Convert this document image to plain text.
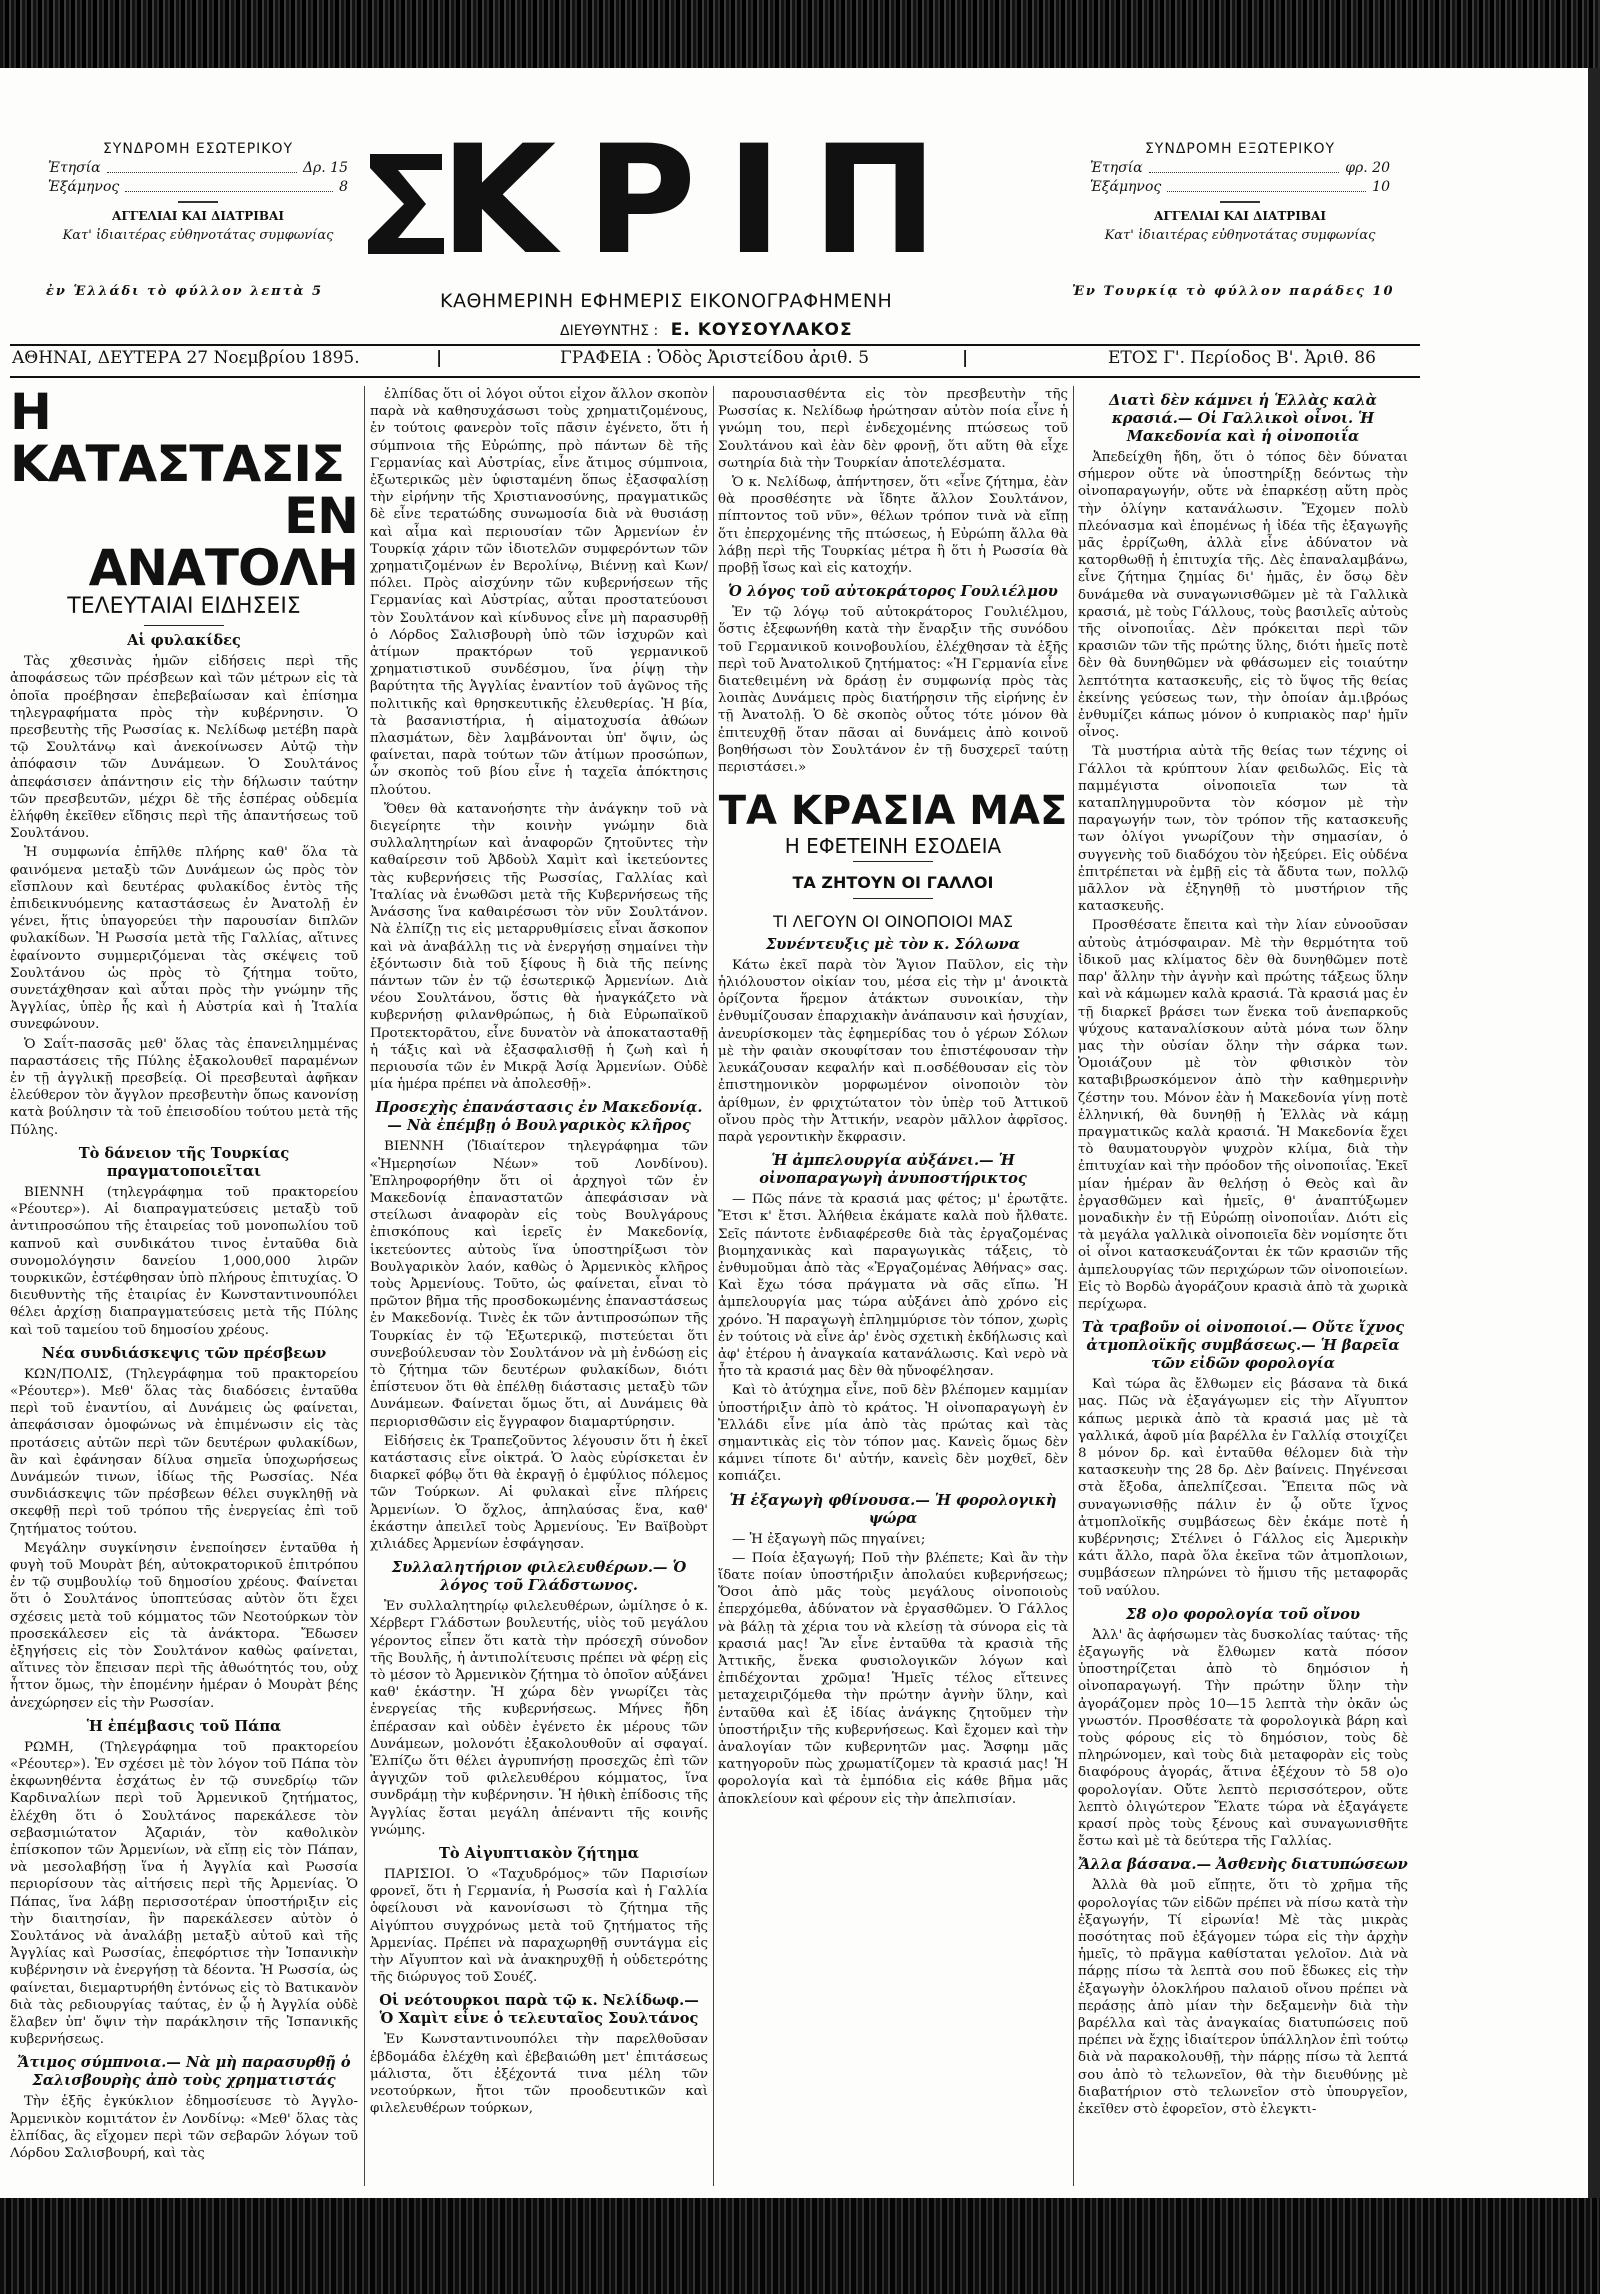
ΣΥΝΔΡΟΜΗ ΕΣΩΤΕΡΙΚΟΥ
Ἐτησία	Δρ. 15
Ἑξάμηνος	8
ΑΓΓΕΛΙΑΙ ΚΑΙ ΔΙΑΤΡΙΒΑΙ
Κατ' ἰδιαιτέρας εὐθηνοτάτας συμφωνίας
ἐν Ἑλλάδι τὸ φύλλον λεπτὰ 5
ΚΡΙΠ
ΚΑΘΗΜΕΡΙΝΗ ΕΦΗΜΕΡΙΣ ΕΙΚΟΝΟΓΡΑΦΗΜΕΝΗ
ΔΙΕΥΘΥΝΤΗΣ : Ε. ΚΟΥΣΟΥΛΑΚΟΣ
ΣΥΝΔΡΟΜΗ ΕΞΩΤΕΡΙΚΟΥ
Ἐτησία	φρ. 20
Ἑξάμηνος	10
ΑΓΓΕΛΙΑΙ ΚΑΙ ΔΙΑΤΡΙΒΑΙ
Κατ' ἰδιαιτέρας εὐθηνοτάτας συμφωνίας
Ἐν Τουρκίᾳ τὸ φύλλον παράδες 10
ΑΘΗΝΑΙ, ΔΕΥΤΕΡΑ 27 Νοεμβρίου 1895.	|	ΓΡΑΦΕΙΑ : Ὁδὸς Ἀριστείδου ἀριθ. 5	|	ΕΤΟΣ Γ'. Περίοδος Β'. Ἀριθ. 86
Η ΚΑΤΑΣΤΑΣΙΣ
ΕΝ ΑΝΑΤΟΛΗ
ΤΕΛΕΥΤΑΙΑΙ ΕΙΔΗΣΕΙΣ
Αἱ φυλακίδες

Τὰς χθεσινὰς ἡμῶν εἰδήσεις περὶ τῆς ἀποφάσεως τῶν πρέσβεων καὶ τῶν μέτρων εἰς τὰ ὁποῖα προέβησαν ἐπεβεβαίωσαν καὶ ἐπίσημα τηλεγραφήματα πρὸς τὴν κυβέρνησιν. Ὁ πρεσβευτὴς τῆς Ρωσσίας κ. Νελίδωφ μετέβη παρὰ τῷ Σουλτάνῳ καὶ ἀνεκοίνωσεν Αὐτῷ τὴν ἀπόφασιν τῶν Δυνάμεων. Ὁ Σουλτάνος ἀπεφάσισεν ἀπάντησιν εἰς τὴν δήλωσιν ταύτην τῶν πρεσβευτῶν, μέχρι δὲ τῆς ἑσπέρας οὐδεμία ἐλήφθη ἐκεῖθεν εἴδησις περὶ τῆς ἀπαντήσεως τοῦ Σουλτάνου.

Ἡ συμφωνία ἐπῆλθε πλήρης καθ' ὅλα τὰ φαινόμενα μεταξὺ τῶν Δυνάμεων ὡς πρὸς τὸν εἴσπλουν καὶ δευτέρας φυλακίδος ἐντὸς τῆς ἐπιδεικνυόμενης καταστάσεως ἐν Ἀνατολῇ ἐν γένει, ἥτις ὑπαγορεύει τὴν παρουσίαν διπλῶν φυλακίδων. Ἡ Ρωσσία μετὰ τῆς Γαλλίας, αἵτινες ἐφαίνοντο συμμεριζόμεναι τὰς σκέψεις τοῦ Σουλτάνου ὡς πρὸς τὸ ζήτημα τοῦτο, συνετάχθησαν καὶ αὗται πρὸς τὴν γνώμην τῆς Ἀγγλίας, ὑπὲρ ἧς καὶ ἡ Αὐστρία καὶ ἡ Ἰταλία συνεφώνουν.

Ὁ Σαΐτ-πασσᾶς μεθ' ὅλας τὰς ἐπανειλημμένας παραστάσεις τῆς Πύλης ἐξακολουθεῖ παραμένων ἐν τῇ ἀγγλικῇ πρεσβείᾳ. Οἱ πρεσβευταὶ ἀφῆκαν ἐλεύθερον τὸν ἄγγλον πρεσβευτὴν ὅπως κανονίσῃ κατὰ βούλησιν τὰ τοῦ ἐπεισοδίου τούτου μετὰ τῆς Πύλης.

Τὸ δάνειον τῆς Τουρκίας πραγματοποιεῖται

ΒΙΕΝΝΗ (τηλεγράφημα τοῦ πρακτορείου «Ρέουτερ»). Αἱ διαπραγματεύσεις μεταξὺ τοῦ ἀντιπροσώπου τῆς ἑταιρείας τοῦ μονοπωλίου τοῦ καπνοῦ καὶ συνδικάτου τινος ἐνταῦθα διὰ συνομολόγησιν δανείου 1,000,000 λιρῶν τουρκικῶν, ἐστέφθησαν ὑπὸ πλήρους ἐπιτυχίας. Ὁ διευθυντὴς τῆς ἑταιρίας ἐν Κωνσταντινουπόλει θέλει ἀρχίσῃ διαπραγματεύσεις μετὰ τῆς Πύλης καὶ τοῦ ταμείου τοῦ δημοσίου χρέους.

Νέα συνδιάσκεψις τῶν πρέσβεων

ΚΩΝ/ΠΟΛΙΣ, (Τηλεγράφημα τοῦ πρακτορείου «Ρέουτερ»). Μεθ' ὅλας τὰς διαδόσεις ἐνταῦθα περὶ τοῦ ἐναντίου, αἱ Δυνάμεις ὡς φαίνεται, ἀπεφάσισαν ὁμοφώνως νὰ ἐπιμένωσιν εἰς τὰς προτάσεις αὐτῶν περὶ τῶν δευτέρων φυλακίδων, ἂν καὶ ἐφάνησαν δίλυα σημεῖα ὑποχωρήσεως Δυνάμεών τινων, ἰδίως τῆς Ρωσσίας. Νέα συνδιάσκεψις τῶν πρέσβεων θέλει συγκληθῇ νὰ σκεφθῇ περὶ τοῦ τρόπου τῆς ἐνεργείας ἐπὶ τοῦ ζητήματος τούτου.

Μεγάλην συγκίνησιν ἐνεποίησεν ἐνταῦθα ἡ φυγὴ τοῦ Μουρὰτ βέη, αὐτοκρατορικοῦ ἐπιτρόπου ἐν τῷ συμβουλίῳ τοῦ δημοσίου χρέους. Φαίνεται ὅτι ὁ Σουλτάνος ὑποπτεύσας αὐτὸν ὅτι ἔχει σχέσεις μετὰ τοῦ κόμματος τῶν Νεοτούρκων τὸν προσεκάλεσεν εἰς τὰ ἀνάκτορα. Ἔδωσεν ἐξηγήσεις εἰς τὸν Σουλτάνον καθὼς φαίνεται, αἵτινες τὸν ἔπεισαν περὶ τῆς ἀθωότητός του, οὐχ ἧττον ὅμως, τὴν ἐπομένην ἡμέραν ὁ Μουρὰτ βέης ἀνεχώρησεν εἰς τὴν Ρωσσίαν.

Ἡ ἐπέμβασις τοῦ Πάπα

ΡΩΜΗ, (Τηλεγράφημα τοῦ πρακτορείου «Ρέουτερ»). Ἐν σχέσει μὲ τὸν λόγον τοῦ Πάπα τὸν ἐκφωνηθέντα ἐσχάτως ἐν τῷ συνεδρίῳ τῶν Καρδιναλίων περὶ τοῦ Ἀρμενικοῦ ζητήματος, ἐλέχθη ὅτι ὁ Σουλτάνος παρεκάλεσε τὸν σεβασμιώτατον Ἀζαριάν, τὸν καθολικὸν ἐπίσκοπον τῶν Ἀρμενίων, νὰ εἴπῃ εἰς τὸν Πάπαν, νὰ μεσολαβήσῃ ἵνα ἡ Ἀγγλία καὶ Ρωσσία περιορίσουν τὰς αἰτήσεις περὶ τῆς Ἀρμενίας. Ὁ Πάπας, ἵνα λάβῃ περισσοτέραν ὑποστήριξιν εἰς τὴν διαιτησίαν, ἣν παρεκάλεσεν αὐτὸν ὁ Σουλτάνος νὰ ἀναλάβῃ μεταξὺ αὐτοῦ καὶ τῆς Ἀγγλίας καὶ Ρωσσίας, ἐπεφόρτισε τὴν Ἰσπανικὴν κυβέρνησιν νὰ ἐνεργήσῃ τὰ δέοντα. Ἡ Ρωσσία, ὡς φαίνεται, διεμαρτυρήθη ἐντόνως εἰς τὸ Βατικανὸν διὰ τὰς ρεδιουργίας ταύτας, ἐν ᾧ ἡ Ἀγγλία οὐδὲ ἔλαβεν ὑπ' ὄψιν τὴν παράκλησιν τῆς Ἰσπανικῆς κυβερνήσεως.

Ἄτιμος σύμπνοια.— Νὰ μὴ παρασυρθῇ ὁ Σαλισβουρὴς ἀπὸ τοὺς χρηματιστάς

Τὴν ἑξῆς ἐγκύκλιον ἐδημοσίευσε τὸ Ἀγγλο-Ἀρμενικὸν κομιτάτον ἐν Λονδίνῳ: «Μεθ' ὅλας τὰς ἐλπίδας, ἃς εἴχομεν περὶ τῶν σεβαρῶν λόγων τοῦ Λόρδου Σαλισβουρή, καὶ τὰς

ἐλπίδας ὅτι οἱ λόγοι οὗτοι εἶχον ἄλλον σκοπὸν παρὰ νὰ καθησυχάσωσι τοὺς χρηματιζομένους, ἐν τούτοις φανερὸν τοῖς πᾶσιν ἐγένετο, ὅτι ἡ σύμπνοια τῆς Εὐρώπης, πρὸ πάντων δὲ τῆς Γερμανίας καὶ Αὐστρίας, εἶνε ἄτιμος σύμπνοια, ἐξωτερικῶς μὲν ὑφισταμένη ὅπως ἐξασφαλίσῃ τὴν εἰρήνην τῆς Χριστιανοσύνης, πραγματικῶς δὲ εἶνε τερατώδης συνωμοσία διὰ νὰ θυσιάσῃ καὶ αἷμα καὶ περιουσίαν τῶν Ἀρμενίων ἐν Τουρκίᾳ χάριν τῶν ἰδιοτελῶν συμφερόντων τῶν χρηματιζομένων ἐν Βερολίνῳ, Βιέννῃ καὶ Κων/πόλει. Πρὸς αἰσχύνην τῶν κυβερνήσεων τῆς Γερμανίας καὶ Αὐστρίας, αὗται προστατεύουσι τὸν Σουλτάνον καὶ κίνδυνος εἶνε μὴ παρασυρθῇ ὁ Λόρδος Σαλισβουρὴ ὑπὸ τῶν ἰσχυρῶν καὶ ἀτίμων πρακτόρων τοῦ γερμανικοῦ χρηματιστικοῦ συνδέσμου, ἵνα ῥίψῃ τὴν βαρύτητα τῆς Ἀγγλίας ἐναντίον τοῦ ἀγῶνος τῆς πολιτικῆς καὶ θρησκευτικῆς ἐλευθερίας. Ἡ βία, τὰ βασανιστήρια, ἡ αἱματοχυσία ἀθώων πλασμάτων, δὲν λαμβάνονται ὑπ' ὄψιν, ὡς φαίνεται, παρὰ τούτων τῶν ἀτίμων προσώπων, ὧν σκοπὸς τοῦ βίου εἶνε ἡ ταχεῖα ἀπόκτησις πλούτου.

Ὅθεν θὰ κατανοήσητε τὴν ἀνάγκην τοῦ νὰ διεγείρητε τὴν κοινὴν γνώμην διὰ συλλαλητηρίων καὶ ἀναφορῶν ζητοῦντες τὴν καθαίρεσιν τοῦ Ἀβδοὺλ Χαμὶτ καὶ ἱκετεύοντες τὰς κυβερνήσεις τῆς Ρωσσίας, Γαλλίας καὶ Ἰταλίας νὰ ἑνωθῶσι μετὰ τῆς Κυβερνήσεως τῆς Ἀνάσσης ἵνα καθαιρέσωσι τὸν νῦν Σουλτάνον. Νὰ ἐλπίζῃ τις εἰς μεταρρυθμίσεις εἶναι ἄσκοπον καὶ νὰ ἀναβάλλῃ τις νὰ ἐνεργήσῃ σημαίνει τὴν ἐξόντωσιν διὰ τοῦ ξίφους ἢ διὰ τῆς πείνης πάντων τῶν ἐν τῷ ἐσωτερικῷ Ἀρμενίων. Διὰ νέου Σουλτάνου, ὅστις θὰ ἠναγκάζετο νὰ κυβερνήσῃ φιλανθρώπως, ἡ διὰ Εὐρωπαϊκοῦ Προτεκτορᾶτου, εἶνε δυνατὸν νὰ ἀποκατασταθῇ ἡ τάξις καὶ νὰ ἐξασφαλισθῇ ἡ ζωὴ καὶ ἡ περιουσία τῶν ἐν Μικρᾷ Ἀσίᾳ Ἀρμενίων. Οὐδὲ μία ἡμέρα πρέπει νὰ ἀπολεσθῇ».

Προσεχὴς ἐπανάστασις ἐν Μακεδονίᾳ.— Νὰ ἐπέμβῃ ὁ Βουλγαρικὸς κλῆρος

ΒΙΕΝΝΗ (Ἰδιαίτερον τηλεγράφημα τῶν «Ἡμερησίων Νέων» τοῦ Λονδίνου). Ἐπληροφορήθην ὅτι οἱ ἀρχηγοὶ τῶν ἐν Μακεδονίᾳ ἐπαναστατῶν ἀπεφάσισαν νὰ στείλωσι ἀναφορὰν εἰς τοὺς Βουλγάρους ἐπισκόπους καὶ ἱερεῖς ἐν Μακεδονίᾳ, ἱκετεύοντες αὐτοὺς ἵνα ὑποστηρίξωσι τὸν Βουλγαρικὸν λαόν, καθὼς ὁ Ἀρμενικὸς κλῆρος τοὺς Ἀρμενίους. Τοῦτο, ὡς φαίνεται, εἶναι τὸ πρῶτον βῆμα τῆς προσδοκωμένης ἐπαναστάσεως ἐν Μακεδονίᾳ. Τινὲς ἐκ τῶν ἀντιπροσώπων τῆς Τουρκίας ἐν τῷ Ἐξωτερικῷ, πιστεύεται ὅτι συνεβούλευσαν τὸν Σουλτάνον νὰ μὴ ἐνδώσῃ εἰς τὸ ζήτημα τῶν δευτέρων φυλακίδων, διότι ἐπίστευον ὅτι θὰ ἐπέλθῃ διάστασις μεταξὺ τῶν Δυνάμεων. Φαίνεται ὅμως ὅτι, αἱ Δυνάμεις θὰ περιορισθῶσιν εἰς ἔγγραφον διαμαρτύρησιν.

Εἰδήσεις ἐκ Τραπεζοῦντος λέγουσιν ὅτι ἡ ἐκεῖ κατάστασις εἶνε οἰκτρά. Ὁ λαὸς εὑρίσκεται ἐν διαρκεῖ φόβῳ ὅτι θὰ ἐκραγῇ ὁ ἐμφύλιος πόλεμος τῶν Τούρκων. Αἱ φυλακαὶ εἶνε πλήρεις Ἀρμενίων. Ὁ ὄχλος, ἀπηλαύσας ἕνα, καθ' ἑκάστην ἀπειλεῖ τοὺς Ἀρμενίους. Ἐν Βαϊβοὺρτ χιλιάδες Ἀρμενίων ἐσφάγησαν.

Συλλαλητήριον φιλελευθέρων.— Ὁ λόγος τοῦ Γλάδστωνος.

Ἐν συλλαλητηρίῳ φιλελευθέρων, ὡμίλησε ὁ κ. Χέρβερτ Γλάδστων βουλευτής, υἱὸς τοῦ μεγάλου γέροντος εἶπεν ὅτι κατὰ τὴν πρόσεχῆ σύνοδον τῆς Βουλῆς, ἡ ἀντιπολίτευσις πρέπει νὰ φέρῃ εἰς τὸ μέσον τὸ Ἀρμενικὸν ζήτημα τὸ ὁποῖον αὐξάνει καθ' ἑκάστην. Ἡ χώρα δὲν γνωρίζει τὰς ἐνεργείας τῆς κυβερνήσεως. Μήνες ἤδη ἐπέρασαν καὶ οὐδὲν ἐγένετο ἐκ μέρους τῶν Δυνάμεων, μολονότι ἐξακολουθοῦν αἱ σφαγαί. Ἐλπίζω ὅτι θέλει ἀγρυπνήσῃ προσεχῶς ἐπὶ τῶν ἀγγιχῶν τοῦ φιλελευθέρου κόμματος, ἵνα συνδράμῃ τὴν κυβέρνησιν. Ἡ ἠθικὴ ἐπίδοσις τῆς Ἀγγλίας ἔσται μεγάλη ἀπέναντι τῆς κοινῆς γνώμης.

Τὸ Αἰγυπτιακὸν ζήτημα

ΠΑΡΙΣΙΟΙ. Ὁ «Ταχυδρόμος» τῶν Παρισίων φρονεῖ, ὅτι ἡ Γερμανία, ἡ Ρωσσία καὶ ἡ Γαλλία ὁφείλουσι νὰ κανονίσωσι τὸ ζήτημα τῆς Αἰγύπτου συγχρόνως μετὰ τοῦ ζητήματος τῆς Ἀρμενίας. Πρέπει νὰ παραχωρηθῇ συντάγμα εἰς τὴν Αἴγυπτον καὶ νὰ ἀνακηρυχθῇ ἡ οὐδετερότης τῆς διώρυγος τοῦ Σουέζ.

Οἱ νεότουρκοι παρὰ τῷ κ. Νελίδωφ.— Ὁ Χαμὶτ εἶνε ὁ τελευταῖος Σουλτάνος

Ἐν Κωνσταντινουπόλει τὴν παρελθοῦσαν ἑβδομάδα ἐλέχθη καὶ ἐβεβαιώθη μετ' ἐπιτάσεως μάλιστα, ὅτι ἐξέχοντά τινα μέλη τῶν νεοτούρκων, ἤτοι τῶν προοδευτικῶν καὶ φιλελευθέρων τούρκων,

παρουσιασθέντα εἰς τὸν πρεσβευτὴν τῆς Ρωσσίας κ. Νελίδωφ ἠρώτησαν αὐτὸν ποία εἶνε ἡ γνώμη του, περὶ ἐνδεχομένης πτώσεως τοῦ Σουλτάνου καὶ ἐὰν δὲν φρονῇ, ὅτι αὕτη θὰ εἶχε σωτηρία διὰ τὴν Τουρκίαν ἀποτελέσματα.

Ὁ κ. Νελίδωφ, ἀπήντησεν, ὅτι «εἶνε ζήτημα, ἐὰν θὰ προσθέσητε νὰ ἴδητε ἄλλον Σουλτάνον, πίπτοντος τοῦ νῦν», θέλων τρόπον τινὰ νὰ εἴπῃ ὅτι ἐπερχομένης τῆς πτώσεως, ἡ Εὐρώπη ἄλλα θὰ λάβῃ περὶ τῆς Τουρκίας μέτρα ἢ ὅτι ἡ Ρωσσία θὰ προβῇ ἴσως καὶ εἰς κατοχήν.

Ὁ λόγος τοῦ αὐτοκράτορος Γουλιέλμου

Ἐν τῷ λόγῳ τοῦ αὐτοκράτορος Γουλιέλμου, ὅστις ἐξεφωνήθη κατὰ τὴν ἔναρξιν τῆς συνόδου τοῦ Γερμανικοῦ κοινοβουλίου, ἐλέχθησαν τὰ ἑξῆς περὶ τοῦ Ἀνατολικοῦ ζητήματος: «Ἡ Γερμανία εἶνε διατεθειμένη νὰ δράσῃ ἐν συμφωνίᾳ πρὸς τὰς λοιπὰς Δυνάμεις πρὸς διατήρησιν τῆς εἰρήνης ἐν τῇ Ἀνατολῇ. Ὁ δὲ σκοπὸς οὗτος τότε μόνον θὰ ἐπιτευχθῇ ὅταν πᾶσαι αἱ δυνάμεις ἀπὸ κοινοῦ βοηθήσωσι τὸν Σουλτάνον ἐν τῇ δυσχερεῖ ταύτῃ περιστάσει.»

ΤΑ ΚΡΑΣΙΑ ΜΑΣ
Η ΕΦΕΤΕΙΝΗ ΕΣΟΔΕΙΑ
ΤΑ ΖΗΤΟΥΝ ΟΙ ΓΑΛΛΟΙ
ΤΙ ΛΕΓΟΥΝ ΟΙ ΟΙΝΟΠΟΙΟΙ ΜΑΣ
Συνέντευξις μὲ τὸν κ. Σόλωνα

Κάτω ἐκεῖ παρὰ τὸν Ἅγιον Παῦλον, εἰς τὴν ἡλιόλουστον οἰκίαν του, μέσα εἰς τὴν μ' ἀνοικτὰ ὁρίζοντα ἥρεμον ἀτάκτων συνοικίαν, τὴν ἐνθυμίζουσαν ἐπαρχιακὴν ἀνάπαυσιν καὶ ἡσυχίαν, ἀνευρίσκομεν τὰς ἐφημερίδας του ὁ γέρων Σόλων μὲ τὴν φαιὰν σκουφίτσαν του ἐπιστέφουσαν τὴν λευκάζουσαν κεφαλήν καὶ π.οσδέθουσαν εἰς τὸν ἐπιστημονικὸν μορφωμένον οἰνοποιὸν τὸν ἀρίθμων, ἐν φριχτώτατον τὸν ὑπὲρ τοῦ Ἀττικοῦ οἴνου πρὸς τὴν Ἀττικήν, νεαρὸν μᾶλλον ἀφρῖσος. παρὰ γεροντικὴν ἔκφρασιν.

Ἡ ἀμπελουργία αὐξάνει.— Ἡ οἰνοπαραγωγὴ ἀνυποστήρικτος

— Πῶς πάνε τὰ κρασιά μας φέτος; μ' ἐρωτᾷτε. Ἔτσι κ' ἔτσι. Ἀλήθεια ἐκάματε καλὰ ποὺ ἤλθατε. Σεῖς πάντοτε ἐνδιαφέρεσθε διὰ τὰς ἐργαζομένας βιομηχανικὰς καὶ παραγωγικὰς τάξεις, τὸ ἐνθυμοῦμαι ἀπὸ τὰς «Ἐργαζομένας Ἀθήνας» σας. Καὶ ἔχω τόσα πράγματα νὰ σᾶς εἴπω. Ἡ ἀμπελουργία μας τώρα αὐξάνει ἀπὸ χρόνο εἰς χρόνο. Ἡ παραγωγὴ ἐπλημμύρισε τὸν τόπον, χωρὶς ἐν τούτοις νὰ εἶνε ἀρ' ἑνὸς σχετικὴ ἐκδήλωσις καὶ ἀφ' ἑτέρου ἡ ἀναγκαία κατανάλωσις. Καὶ νερὸ νὰ ἦτο τὰ κρασιά μας δὲν θὰ ηὔνοφέλησαν.

Καὶ τὸ ἀτύχημα εἶνε, ποῦ δὲν βλέπομεν καμμίαν ὑποστήριξιν ἀπὸ τὸ κράτος. Ἡ οἰνοπαραγωγὴ ἐν Ἑλλάδι εἶνε μία ἀπὸ τὰς πρώτας καὶ τὰς σημαντικὰς εἰς τὸν τόπον μας. Κανεὶς ὅμως δὲν κάμνει τίποτε δι' αὐτήν, κανεὶς δὲν μοχθεῖ, δὲν κοπιάζει.

Ἡ ἐξαγωγὴ φθίνουσα.— Ἡ φορολογικὴ ψώρα

— Ἡ ἐξαγωγὴ πῶς πηγαίνει;

— Ποία ἐξαγωγή; Ποῦ τὴν βλέπετε; Καὶ ἂν τὴν ἴδατε ποίαν ὑποστήριξιν ἀπολαύει κυβερνήσεως; Ὅσοι ἀπὸ μᾶς τοὺς μεγάλους οἰνοποιοὺς ἐπερχόμεθα, ἀδύνατον νὰ ἐργασθῶμεν. Ὁ Γάλλος νὰ βάλῃ τὰ χέρια του νὰ κλείσῃ τὰ σύνορα εἰς τὰ κρασιά μας! Ἂν εἶνε ἐνταῦθα τὰ κρασιὰ τῆς Ἀττικῆς, ἔνεκα φυσιολογικῶν λόγων καὶ ἐπιδέχονται χρῶμα! Ἡμεῖς τέλος εἴτεινες μεταχειριζόμεθα τὴν πρώτην ἀγνὴν ὕλην, καὶ ἐνταῦθα καὶ ἐξ ἰδίας ἀνάγκης ζητοῦμεν τὴν ὑποστήριξιν τῆς κυβερνήσεως. Καὶ ἔχομεν καὶ τὴν ἀναλογίαν τῶν κυβερνητῶν μας. Ἄσφημ μᾶς κατηγοροῦν πὼς χρωματίζομεν τὰ κρασιά μας! Ἡ φορολογία καὶ τὰ ἐμπόδια εἰς κάθε βῆμα μᾶς ἀποκλείουν καὶ φέρουν εἰς τὴν ἀπελπισίαν.

Διατὶ δὲν κάμνει ἡ Ἑλλὰς καλὰ κρασιά.— Οἱ Γαλλικοὶ οἶνοι. Ἡ Μακεδονία καὶ ἡ οἰνοποιΐα

Ἀπεδείχθη ἤδη, ὅτι ὁ τόπος δὲν δύναται σήμερον οὔτε νὰ ὑποστηρίξῃ δεόντως τὴν οἰνοπαραγωγήν, οὔτε νὰ ἐπαρκέσῃ αὕτη πρὸς τὴν ὀλίγην κατανάλωσιν. Ἔχομεν πολὺ πλεόνασμα καὶ ἑπομένως ἡ ἰδέα τῆς ἐξαγωγῆς μᾶς ἐρρίζωθη, ἀλλὰ εἶνε ἀδύνατον νὰ κατορθωθῇ ἡ ἐπιτυχία τῆς. Δὲς ἐπαναλαμβάνω, εἶνε ζήτημα ζημίας δι' ἡμᾶς, ἐν ὅσῳ δὲν δυνάμεθα νὰ συναγωνισθῶμεν μὲ τὰ Γαλλικὰ κρασιά, μὲ τοὺς Γάλλους, τοὺς βασιλεῖς αὐτοὺς τῆς οἰνοποιΐας. Δὲν πρόκειται περὶ τῶν κρασιῶν τῶν τῆς πρώτης ὕλης, διότι ἡμεῖς ποτὲ δὲν θὰ δυνηθῶμεν νὰ φθάσωμεν εἰς τοιαύτην λεπτότητα κατασκευῆς, εἰς τὸ ὕψος τῆς θείας ἐκείνης γεύσεως των, τὴν ὁποίαν ἀμ.ιβρόως ἐνθυμίζει κάπως μόνον ὁ κυπριακὸς παρ' ἡμῖν οἶνος.

Τὰ μυστήρια αὐτὰ τῆς θείας των τέχνης οἱ Γάλλοι τὰ κρύπτουν λίαν φειδωλῶς. Εἰς τὰ παμμέγιστα οἰνοποιεῖα των τὰ καταπληγμυροῦντα τὸν κόσμον μὲ τὴν παραγωγήν των, τὸν τρόπον τῆς κατασκευῆς των ὀλίγοι γνωρίζουν τὴν σημασίαν, ὁ συγγενὴς τοῦ διαδόχου τὸν ἠξεύρει. Εἰς οὐδένα ἐπιτρέπεται νὰ ἐμβῇ εἰς τὰ ἄδυτα των, πολλῷ μᾶλλον νὰ ἐξηγηθῇ τὸ μυστήριον τῆς κατασκευῆς.

Προσθέσατε ἔπειτα καὶ τὴν λίαν εὐνοοῦσαν αὐτοὺς ἀτμόσφαιραν. Μὲ τὴν θερμότητα τοῦ ἰδικοῦ μας κλίματος δὲν θὰ δυνηθῶμεν ποτὲ παρ' ἄλλην τὴν ἀγνὴν καὶ πρώτης τάξεως ὕλην καὶ νὰ κάμωμεν καλὰ κρασιά. Τὰ κρασιά μας ἐν τῇ διαρκεῖ βράσει των ἕνεκα τοῦ ἀνεπαρκοῦς ψύχους καταναλίσκουν αὐτὰ μόνα των ὅλην μας τὴν οὐσίαν ὅλην τὴν σάρκα των. Ὁμοιάζουν μὲ τὸν φθισικὸν τὸν καταβιβρωσκόμενον ἀπὸ τὴν καθημερινὴν ζέστην του. Μόνον ἐὰν ἡ Μακεδονία γίνῃ ποτὲ ἑλληνική, θὰ δυνηθῇ ἡ Ἑλλὰς νὰ κάμῃ πραγματικῶς καλὰ κρασιά. Ἡ Μακεδονία ἔχει τὸ θαυματουργὸν ψυχρὸν κλίμα, διὰ τὴν ἐπιτυχίαν καὶ τὴν πρόοδον τῆς οἰνοποιΐας. Ἐκεῖ μίαν ἡμέραν ἂν θελήσῃ ὁ Θεὸς καὶ ἂν ἐργασθῶμεν καὶ ἡμεῖς, θ' ἀναπτύξωμεν μοναδικὴν ἐν τῇ Εὐρώπῃ οἰνοποιΐαν. Διότι εἰς τὰ μεγάλα γαλλικὰ οἰνοποιεῖα δὲν νομίσητε ὅτι οἱ οἶνοι κατασκευάζονται ἐκ τῶν κρασιῶν τῆς ἀμπελουργίας τῶν περιχώρων τῶν οἰνοποιείων. Εἰς τὸ Βορδὼ ἀγοράζουν κρασιὰ ἀπὸ τὰ χωρικὰ περίχωρα.

Τὰ τραβοῦν οἱ οἰνοποιοί.— Οὔτε ἴχνος ἀτμοπλοϊκῆς συμβάσεως.— Ἡ βαρεῖα τῶν εἰδῶν φορολογία

Καὶ τώρα ἂς ἔλθωμεν εἰς βάσανα τὰ δικά μας. Πῶς νὰ ἐξαγάγωμεν εἰς τὴν Αἴγυπτον κάπως μερικὰ ἀπὸ τὰ κρασιά μας μὲ τὰ γαλλικά, ἀφοῦ μία βαρέλλα ἐν Γαλλίᾳ στοιχίζει 8 μόνον δρ. καὶ ἐνταῦθα θέλομεν διὰ τὴν κατασκευὴν της 28 δρ. Δὲν βαίνεις. Πηγένεσαι στὰ ἔξοδα, ἀπελπίζεσαι. Ἔπειτα πῶς νὰ συναγωνισθῇς πάλιν ἐν ᾧ οὔτε ἴχνος ἀτμοπλοϊκῆς συμβάσεως δὲν ἐκάμε ποτὲ ἡ κυβέρνησις; Στέλνει ὁ Γάλλος εἰς Ἀμερικὴν κάτι ἄλλο, παρὰ ὅλα ἐκεῖνα τῶν ἀτμοπλοιων, συμβάσεων πληρώνει τὸ ἥμισυ τῆς μεταφορᾶς τοῦ ναύλου.

Σ8 ο)ο φορολογία τοῦ οἴνου

Ἀλλ' ἂς ἀφήσωμεν τὰς δυσκολίας ταύτας· τῆς ἐξαγωγῆς νὰ ἔλθωμεν κατὰ πόσον ὑποστηρίζεται ἀπὸ τὸ δημόσιον ἡ οἰνοπαραγωγή. Τὴν πρώτην ὕλην τὴν ἀγοράζομεν πρὸς 10—15 λεπτὰ τὴν ὀκᾶν ὡς γνωστόν. Προσθέσατε τὰ φορολογικὰ βάρη καὶ τοὺς φόρους εἰς τὸ δημόσιον, τοὺς δὲ πληρώνομεν, καὶ τοὺς διὰ μεταφορὰν εἰς τοὺς διαφόρους ἀγοράς, ἅτινα ἐξέχουν τὸ 58 ο)ο φορολογίαν. Οὔτε λεπτὸ περισσότερον, οὔτε λεπτὸ ὀλιγώτερον Ἔλατε τώρα νὰ ἐξαγάγετε κρασί πρὸς τοὺς ξένους καὶ συναγωνισθῆτε ἔστω καὶ μὲ τὰ δεύτερα τῆς Γαλλίας.

Ἄλλα βάσανα.— Ἀσθενὴς διατυπώσεων

Ἀλλὰ θὰ μοῦ εἴπῃτε, ὅτι τὸ χρῆμα τῆς φορολογίας τῶν εἰδῶν πρέπει νὰ πίσω κατὰ τὴν ἐξαγωγήν, Τί εἰρωνία! Μὲ τὰς μικρὰς ποσότητας ποῦ ἐξάγομεν τώρα εἰς τὴν ἀρχὴν ἡμεῖς, τὸ πρᾶγμα καθίσταται γελοῖον. Διὰ νὰ πάρῃς πίσω τὰ λεπτὰ σου ποῦ ἔδωκες εἰς τὴν ἐξαγωγὴν ὁλοκλήρου παλαιοῦ οἴνου πρέπει νὰ περάσῃς ἀπὸ μίαν τὴν δεξαμενὴν διὰ τὴν βαρέλλα καὶ τὰς ἀναγκαίας διατυπώσεις ποῦ πρέπει νὰ ἔχῃς ἰδιαίτερον ὑπάλληλον ἐπὶ τούτῳ διὰ νὰ παρακολουθῇ, τὴν πάρῃς πίσω τὰ λεπτά σου ἀπὸ τὸ τελωνεῖον, θὰ τὴν διευθύνῃς μὲ διαβατήριον στὸ τελωνεῖον στὸ ὑπουργεῖον, ἐκεῖθεν στὸ ἐφορεῖον, στὸ ἐλεγκτι-
